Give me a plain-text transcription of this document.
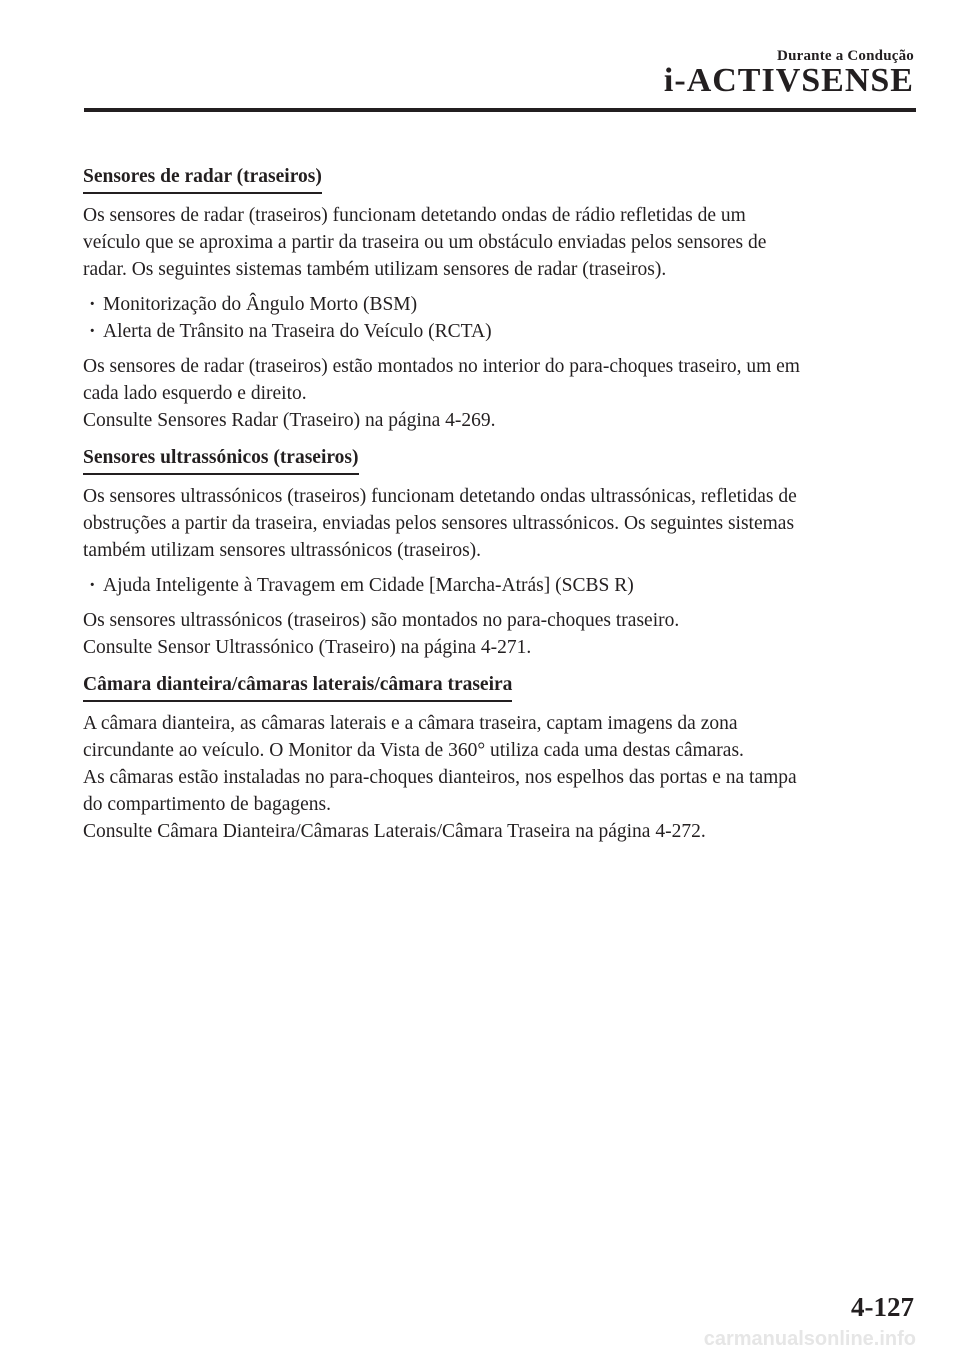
Durante a Condução
i-ACTIVSENSE
Sensores de radar (traseiros)

Os sensores de radar (traseiros) funcionam detetando ondas de rádio refletidas de um
veículo que se aproxima a partir da traseira ou um obstáculo enviadas pelos sensores de
radar. Os seguintes sistemas também utilizam sensores de radar (traseiros).

· Monitorização do Ângulo Morto (BSM)
· Alerta de Trânsito na Traseira do Veículo (RCTA)

Os sensores de radar (traseiros) estão montados no interior do para-choques traseiro, um em
cada lado esquerdo e direito.
Consulte Sensores Radar (Traseiro) na página 4-269.

Sensores ultrassónicos (traseiros)

Os sensores ultrassónicos (traseiros) funcionam detetando ondas ultrassónicas, refletidas de
obstruções a partir da traseira, enviadas pelos sensores ultrassónicos. Os seguintes sistemas
também utilizam sensores ultrassónicos (traseiros).

· Ajuda Inteligente à Travagem em Cidade [Marcha-Atrás] (SCBS R)

Os sensores ultrassónicos (traseiros) são montados no para-choques traseiro.
Consulte Sensor Ultrassónico (Traseiro) na página 4-271.

Câmara dianteira/câmaras laterais/câmara traseira

A câmara dianteira, as câmaras laterais e a câmara traseira, captam imagens da zona
circundante ao veículo. O Monitor da Vista de 360° utiliza cada uma destas câmaras.
As câmaras estão instaladas no para-choques dianteiros, nos espelhos das portas e na tampa
do compartimento de bagagens.
Consulte Câmara Dianteira/Câmaras Laterais/Câmara Traseira na página 4-272.

4-127
carmanualsonline.info
